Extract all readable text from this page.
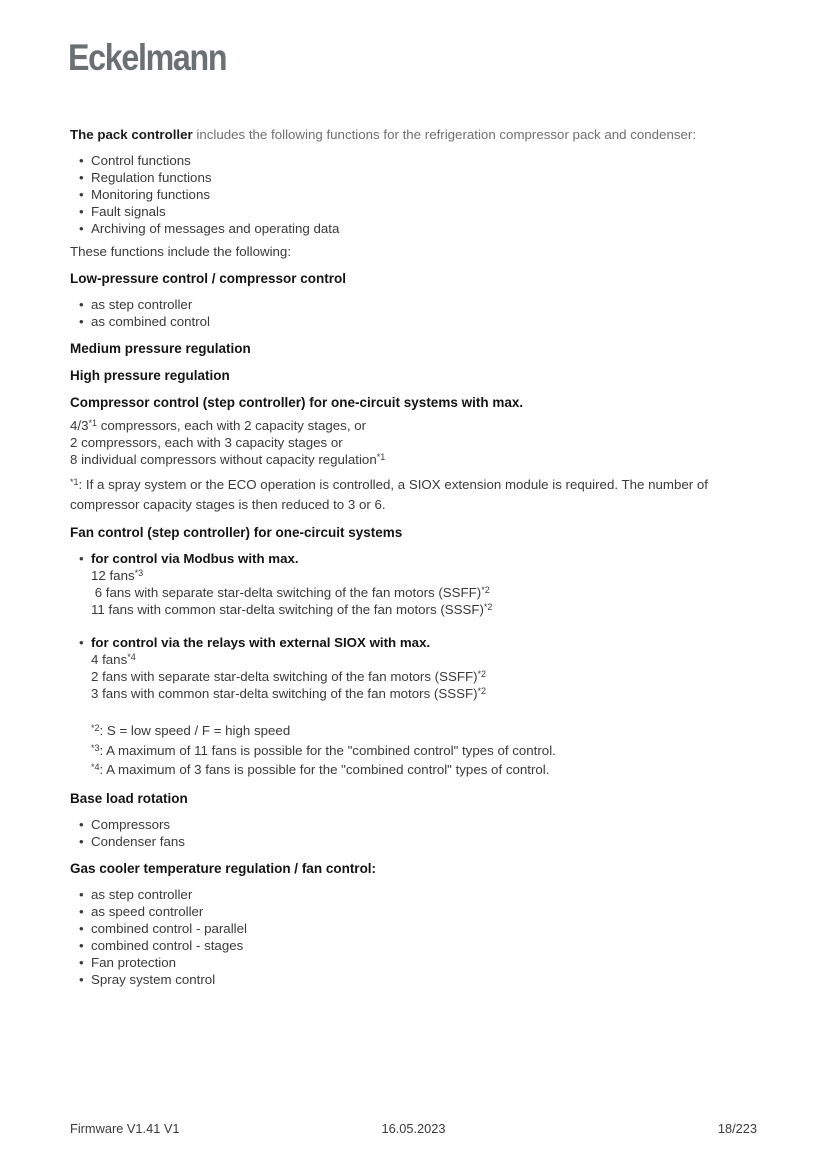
Eckelmann

The pack controller includes the following functions for the refrigeration compressor pack and condenser:

• Control functions
• Regulation functions
• Monitoring functions
• Fault signals
• Archiving of messages and operating data

These functions include the following:

Low-pressure control / compressor control
• as step controller
• as combined control
Medium pressure regulation
High pressure regulation
Compressor control (step controller) for one-circuit systems with max.

4/3$^{*1}$ compressors, each with 2 capacity stages, or

2 compressors, each with 3 capacity stages or

8 individual compressors without capacity regulation$^{*1}$

$^{*1}$: If a spray system or the ECO operation is controlled, a SIOX extension module is required. The number of compressor capacity stages is then reduced to 3 or 6.

Fan control (step controller) for one-circuit systems
• for control via Modbus with max.

12 fans$^{*3}$

6 fans with separate star-delta switching of the fan motors (SSFF)$^{*2}$

11 fans with common star-delta switching of the fan motors (SSSF)$^{*2}$

• for control via the relays with external SIOX with max.

4 fans$^{*4}$

2 fans with separate star-delta switching of the fan motors (SSFF)$^{*2}$

3 fans with common star-delta switching of the fan motors (SSSF)$^{*2}$

$^{*2}$: S = low speed / F = high speed

$^{*3}$: A maximum of 11 fans is possible for the "combined control" types of control.

$^{*4}$: A maximum of 3 fans is possible for the "combined control" types of control.

Base load rotation
• Compressors
• Condenser fans
Gas cooler temperature regulation / fan control:
• as step controller
• as speed controller
• combined control - parallel
• combined control - stages
• Fan protection
• Spray system control
Firmware V1.41 V1	16.05.2023	18/223
